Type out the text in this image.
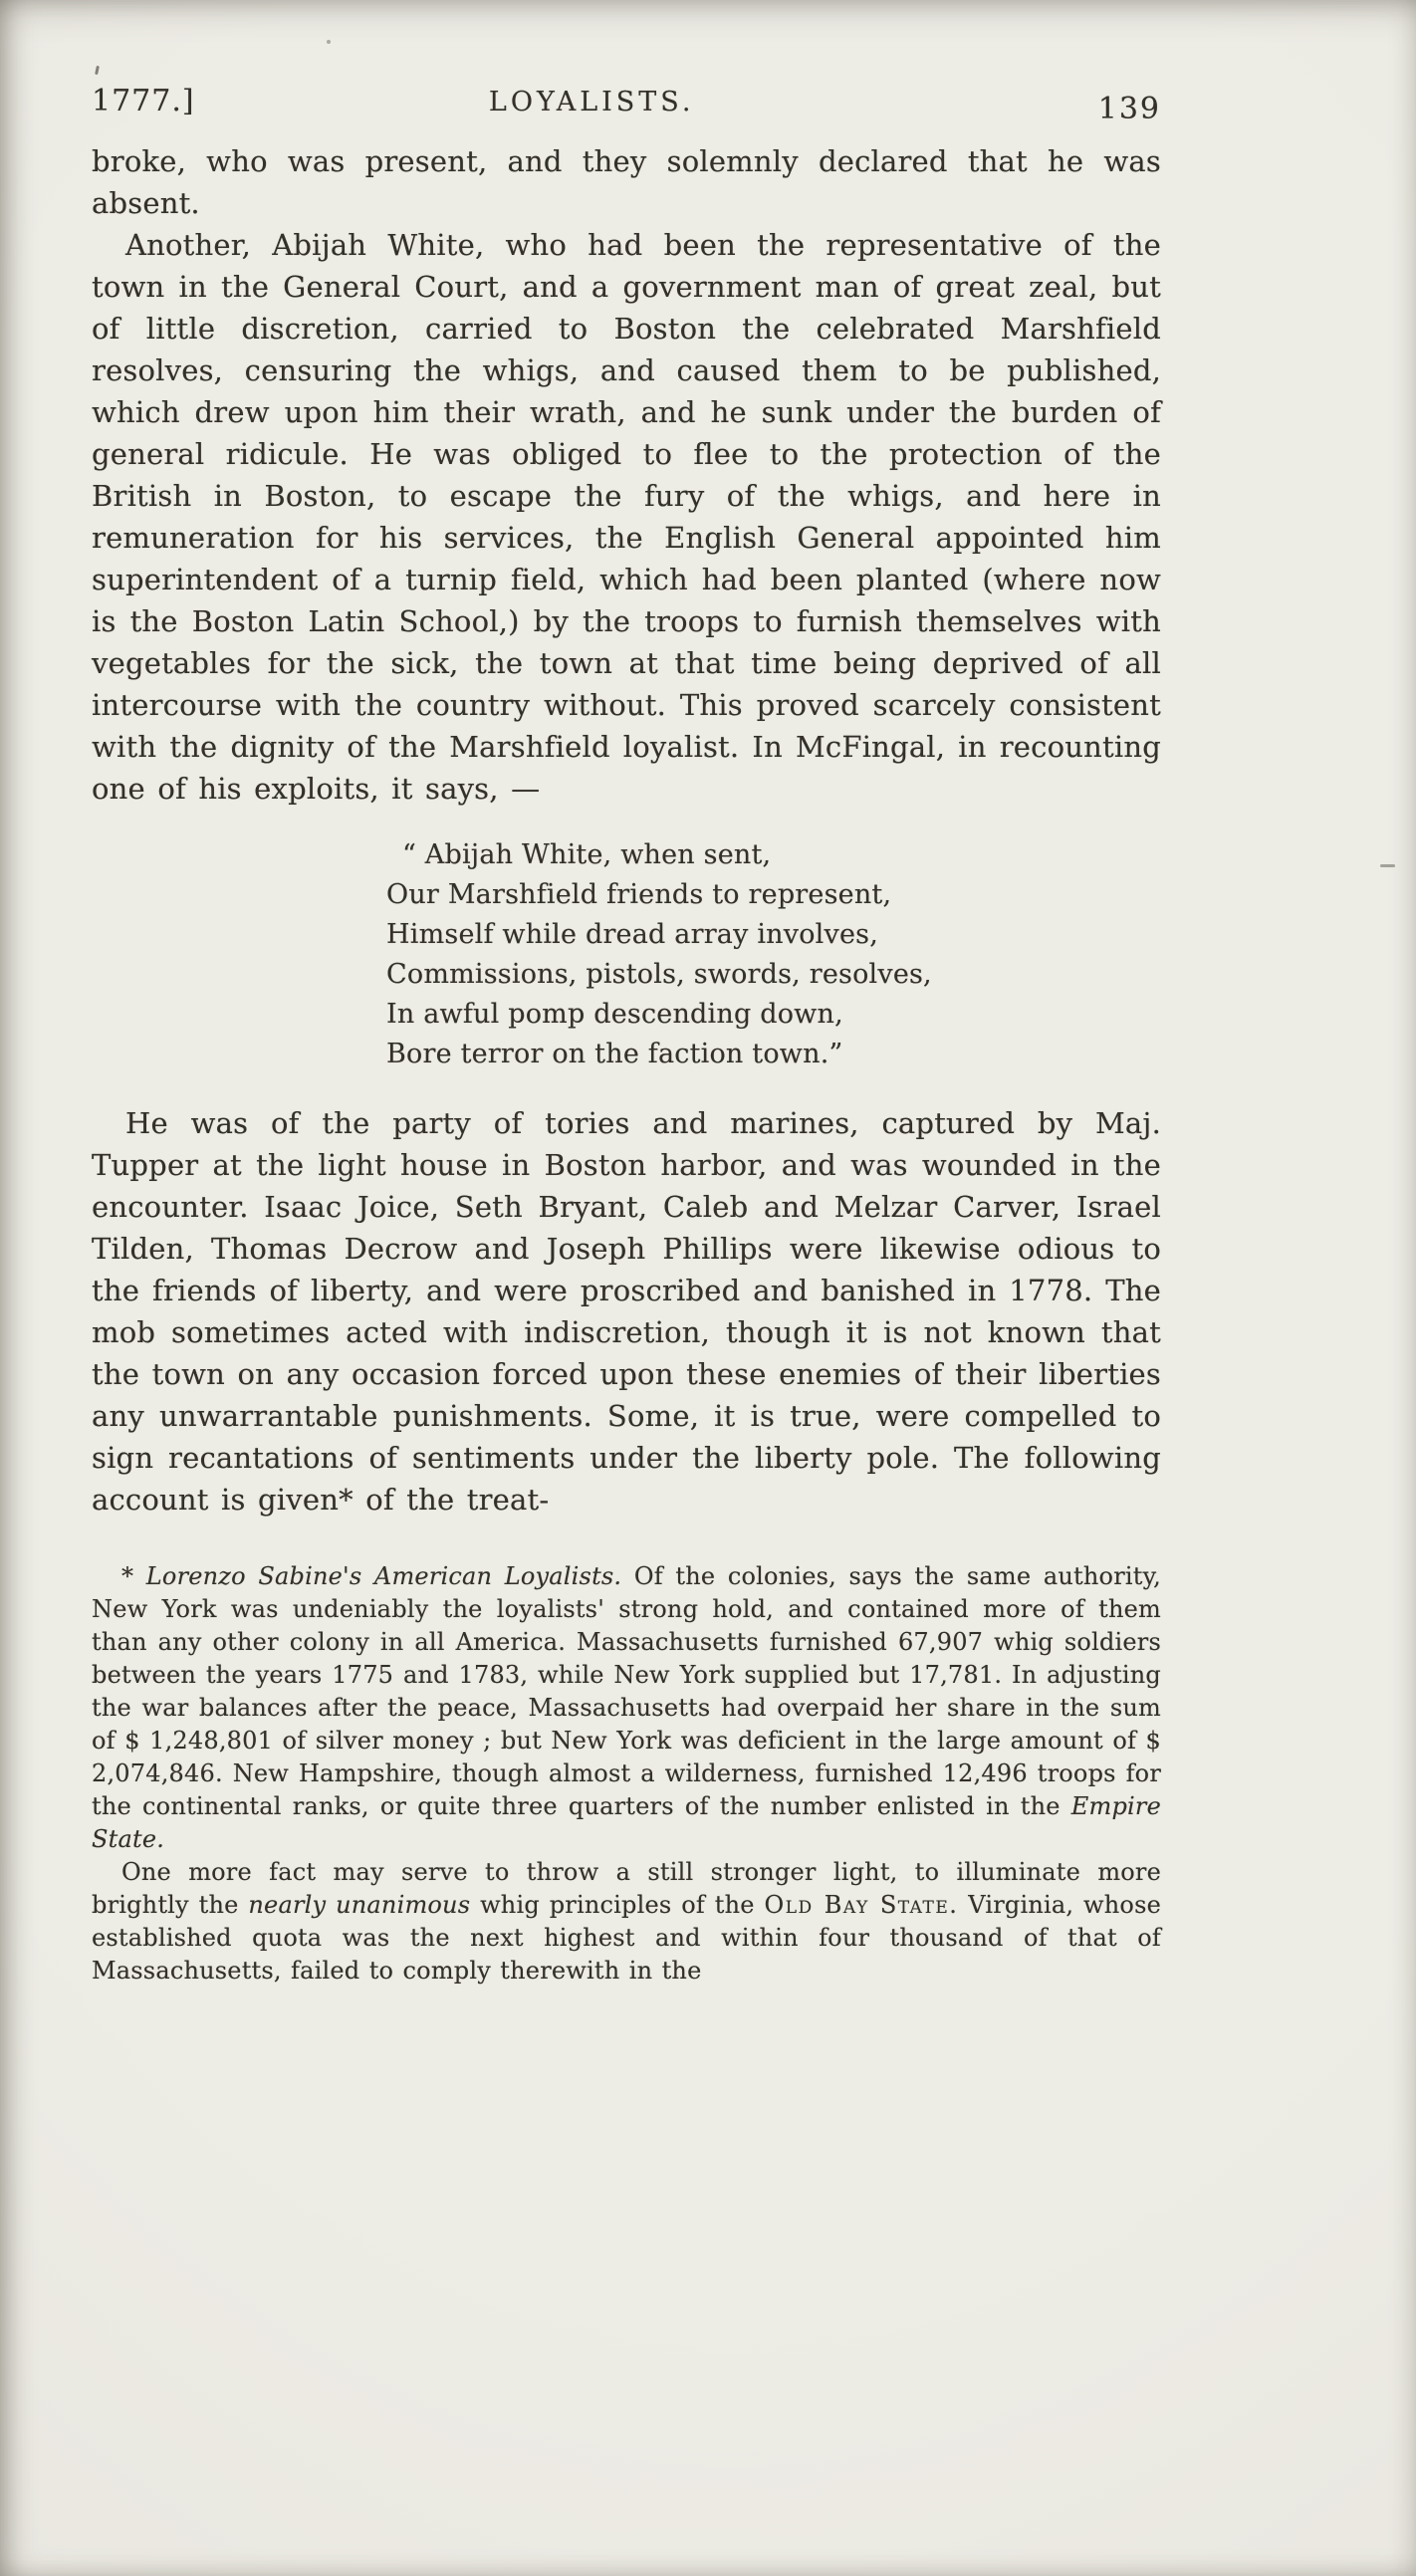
1777.]	LOYALISTS.	139

broke, who was present, and they solemnly declared that he was absent.

Another, Abijah White, who had been the representative of the town in the General Court, and a government man of great zeal, but of little discretion, carried to Boston the celebrated Marshfield resolves, censuring the whigs, and caused them to be published, which drew upon him their wrath, and he sunk under the burden of general ridicule. He was obliged to flee to the protection of the British in Boston, to escape the fury of the whigs, and here in remuneration for his services, the English General appointed him superintendent of a turnip field, which had been planted (where now is the Boston Latin School,) by the troops to furnish themselves with vegetables for the sick, the town at that time being deprived of all intercourse with the country without. This proved scarcely consistent with the dignity of the Marshfield loyalist. In McFingal, in recounting one of his exploits, it says, —

“ Abijah White, when sent,
Our Marshfield friends to represent,
Himself while dread array involves,
Commissions, pistols, swords, resolves,
In awful pomp descending down,
Bore terror on the faction town.”

He was of the party of tories and marines, captured by Maj. Tupper at the light house in Boston harbor, and was wounded in the encounter. Isaac Joice, Seth Bryant, Caleb and Melzar Carver, Israel Tilden, Thomas Decrow and Joseph Phillips were likewise odious to the friends of liberty, and were proscribed and banished in 1778. The mob sometimes acted with indiscretion, though it is not known that the town on any occasion forced upon these enemies of their liberties any unwarrantable punishments. Some, it is true, were compelled to sign recantations of sentiments under the liberty pole. The following account is given* of the treat-

* Lorenzo Sabine's American Loyalists. Of the colonies, says the same authority, New York was undeniably the loyalists' strong hold, and contained more of them than any other colony in all America. Massachusetts furnished 67,907 whig soldiers between the years 1775 and 1783, while New York supplied but 17,781. In adjusting the war balances after the peace, Massachusetts had overpaid her share in the sum of $ 1,248,801 of silver money ; but New York was deficient in the large amount of $ 2,074,846. New Hampshire, though almost a wilderness, furnished 12,496 troops for the continental ranks, or quite three quarters of the number enlisted in the Empire State.

One more fact may serve to throw a still stronger light, to illuminate more brightly the nearly unanimous whig principles of the Old Bay State. Virginia, whose established quota was the next highest and within four thousand of that of Massachusetts, failed to comply therewith in the
